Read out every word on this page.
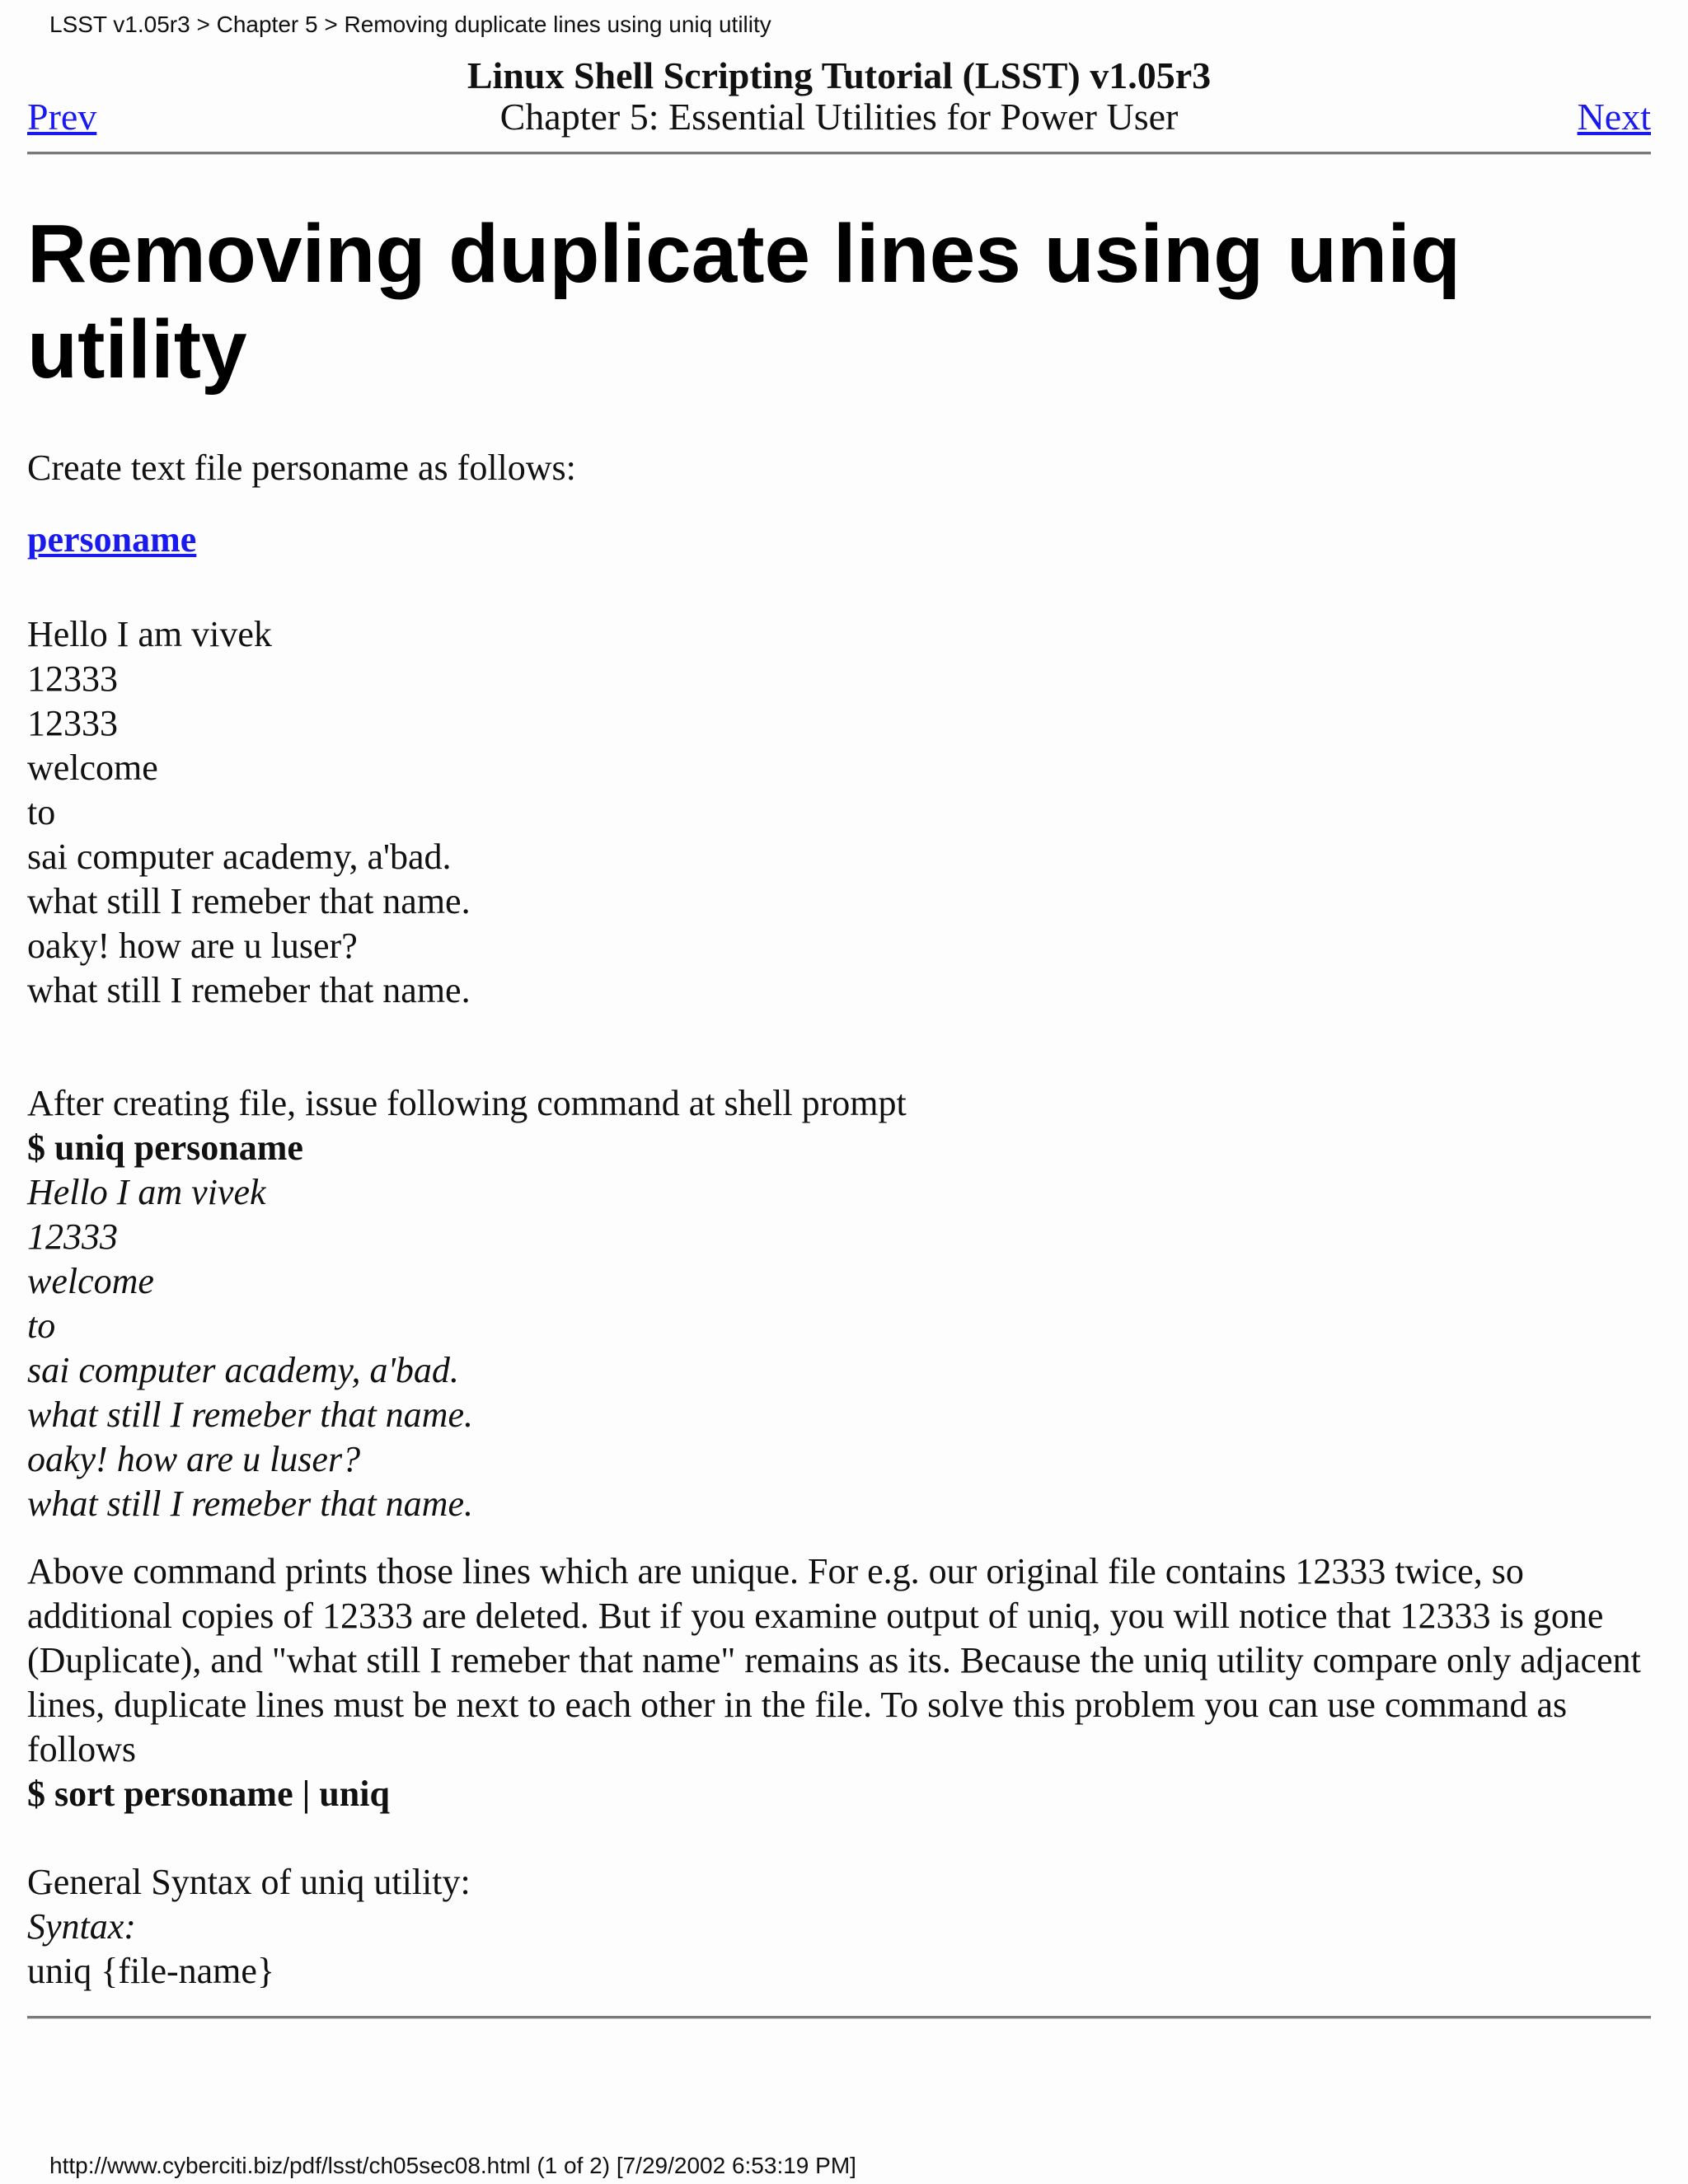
LSST v1.05r3 > Chapter 5 > Removing duplicate lines using uniq utility
Linux Shell Scripting Tutorial (LSST) v1.05r3
Chapter 5: Essential Utilities for Power User
Prev	Next
Removing duplicate lines using uniq utility
Create text file personame as follows:
personame
Hello I am vivek
12333
12333
welcome
to
sai computer academy, a'bad.
what still I remeber that name.
oaky! how are u luser?
what still I remeber that name.
After creating file, issue following command at shell prompt
$ uniq personame
Hello I am vivek
12333
welcome
to
sai computer academy, a'bad.
what still I remeber that name.
oaky! how are u luser?
what still I remeber that name.
Above command prints those lines which are unique. For e.g. our original file contains 12333 twice, so additional copies of 12333 are deleted. But if you examine output of uniq, you will notice that 12333 is gone (Duplicate), and "what still I remeber that name" remains as its. Because the uniq utility compare only adjacent lines, duplicate lines must be next to each other in the file. To solve this problem you can use command as follows
$ sort personame | uniq
General Syntax of uniq utility:
Syntax:
uniq {file-name}
http://www.cyberciti.biz/pdf/lsst/ch05sec08.html (1 of 2) [7/29/2002 6:53:19 PM]
